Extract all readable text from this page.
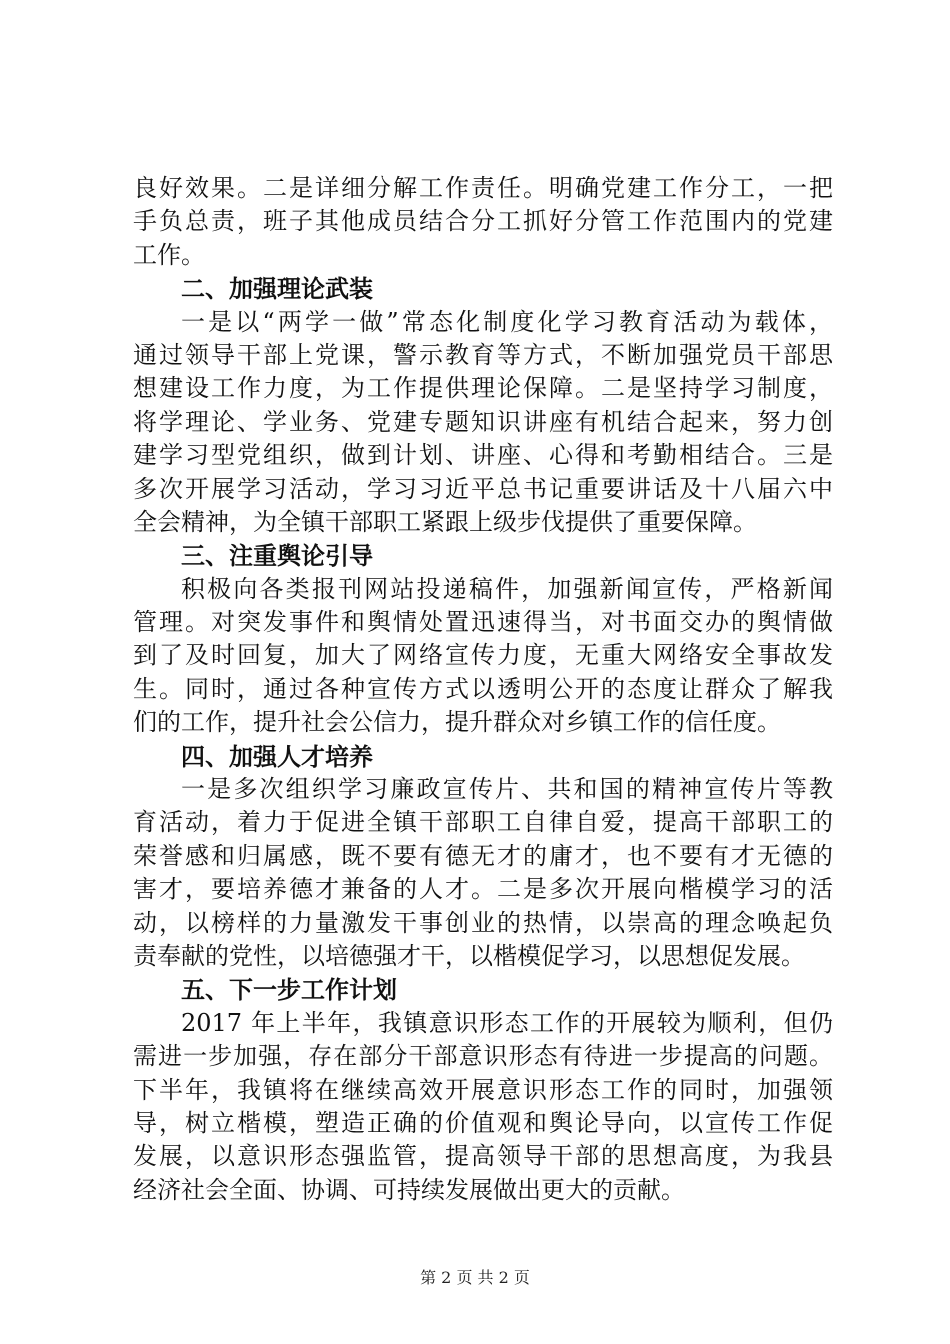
良好效果。二是详细分解工作责任。明确党建工作分工，一把
手负总责，班子其他成员结合分工抓好分管工作范围内的党建
工作。
二、加强理论武装
一是以“两学一做”常态化制度化学习教育活动为载体，
通过领导干部上党课，警示教育等方式，不断加强党员干部思
想建设工作力度，为工作提供理论保障。二是坚持学习制度，
将学理论、学业务、党建专题知识讲座有机结合起来，努力创
建学习型党组织，做到计划、讲座、心得和考勤相结合。三是
多次开展学习活动，学习习近平总书记重要讲话及十八届六中
全会精神，为全镇干部职工紧跟上级步伐提供了重要保障。
三、注重舆论引导
积极向各类报刊网站投递稿件，加强新闻宣传，严格新闻
管理。对突发事件和舆情处置迅速得当，对书面交办的舆情做
到了及时回复，加大了网络宣传力度，无重大网络安全事故发
生。同时，通过各种宣传方式以透明公开的态度让群众了解我
们的工作，提升社会公信力，提升群众对乡镇工作的信任度。
四、加强人才培养
一是多次组织学习廉政宣传片、共和国的精神宣传片等教
育活动，着力于促进全镇干部职工自律自爱，提高干部职工的
荣誉感和归属感，既不要有德无才的庸才，也不要有才无德的
害才，要培养德才兼备的人才。二是多次开展向楷模学习的活
动，以榜样的力量激发干事创业的热情，以崇高的理念唤起负
责奉献的党性，以培德强才干，以楷模促学习，以思想促发展。
五、下一步工作计划
2017 年上半年，我镇意识形态工作的开展较为顺利，但仍
需进一步加强，存在部分干部意识形态有待进一步提高的问题。
下半年，我镇将在继续高效开展意识形态工作的同时，加强领
导，树立楷模，塑造正确的价值观和舆论导向，以宣传工作促
发展，以意识形态强监管，提高领导干部的思想高度，为我县
经济社会全面、协调、可持续发展做出更大的贡献。
第 2 页 共 2 页
